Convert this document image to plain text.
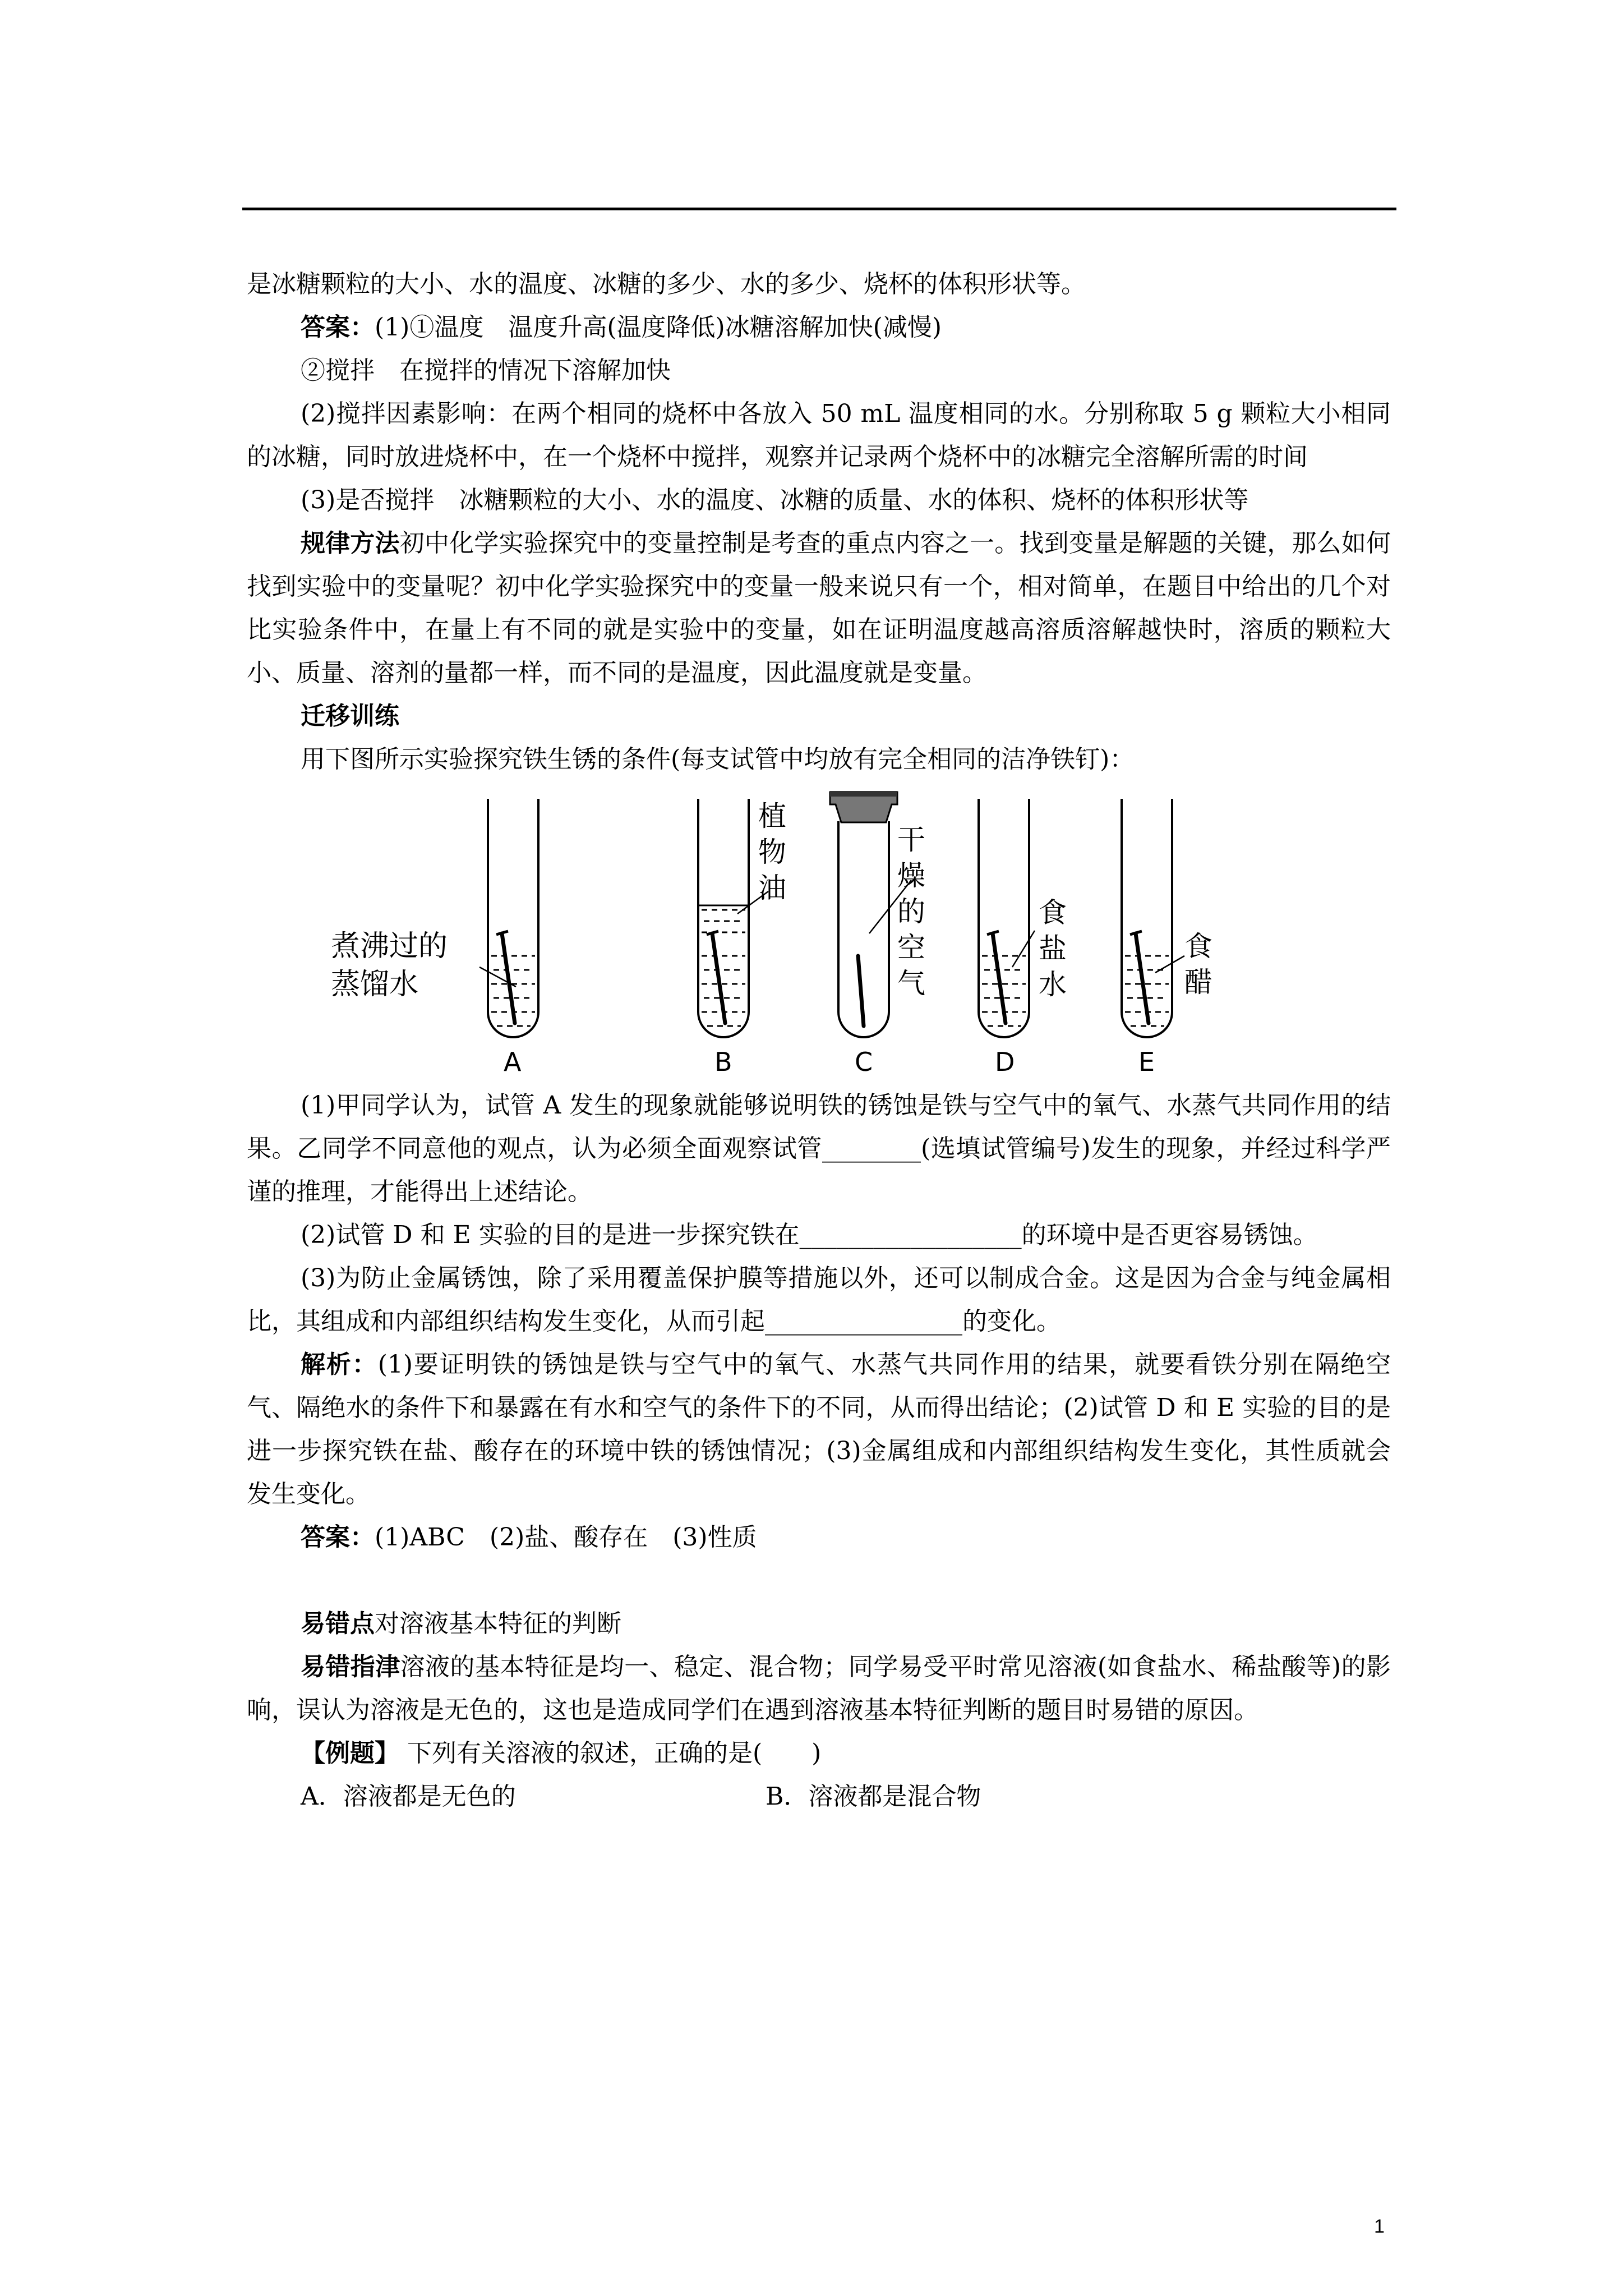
是冰糖颗粒的大小、水的温度、冰糖的多少、水的多少、烧杯的体积形状等。

答案：(1)①温度　温度升高(温度降低)冰糖溶解加快(减慢)

②搅拌　在搅拌的情况下溶解加快

(2)搅拌因素影响：在两个相同的烧杯中各放入 50 mL 温度相同的水。分别称取 5 g 颗粒大小相同的冰糖，同时放进烧杯中，在一个烧杯中搅拌，观察并记录两个烧杯中的冰糖完全溶解所需的时间

(3)是否搅拌　冰糖颗粒的大小、水的温度、冰糖的质量、水的体积、烧杯的体积形状等

规律方法初中化学实验探究中的变量控制是考查的重点内容之一。找到变量是解题的关键，那么如何找到实验中的变量呢？初中化学实验探究中的变量一般来说只有一个，相对简单，在题目中给出的几个对比实验条件中，在量上有不同的就是实验中的变量，如在证明温度越高溶质溶解越快时，溶质的颗粒大小、质量、溶剂的量都一样，而不同的是温度，因此温度就是变量。

迁移训练

用下图所示实验探究铁生锈的条件(每支试管中均放有完全相同的洁净铁钉)：

煮沸过的
蒸馏水
植
物
油
干
燥
的
空
气
食
盐
水
食
醋
A	B	C	D	E

(1)甲同学认为，试管 A 发生的现象就能够说明铁的锈蚀是铁与空气中的氧气、水蒸气共同作用的结果。乙同学不同意他的观点，认为必须全面观察试管________(选填试管编号)发生的现象，并经过科学严谨的推理，才能得出上述结论。

(2)试管 D 和 E 实验的目的是进一步探究铁在__________________的环境中是否更容易锈蚀。

(3)为防止金属锈蚀，除了采用覆盖保护膜等措施以外，还可以制成合金。这是因为合金与纯金属相比，其组成和内部组织结构发生变化，从而引起________________的变化。

解析：(1)要证明铁的锈蚀是铁与空气中的氧气、水蒸气共同作用的结果，就要看铁分别在隔绝空气、隔绝水的条件下和暴露在有水和空气的条件下的不同，从而得出结论；(2)试管 D 和 E 实验的目的是进一步探究铁在盐、酸存在的环境中铁的锈蚀情况；(3)金属组成和内部组织结构发生变化，其性质就会发生变化。

答案：(1)ABC　(2)盐、酸存在　(3)性质

易错点对溶液基本特征的判断

易错指津溶液的基本特征是均一、稳定、混合物；同学易受平时常见溶液(如食盐水、稀盐酸等)的影响，误认为溶液是无色的，这也是造成同学们在遇到溶液基本特征判断的题目时易错的原因。

【例题】 下列有关溶液的叙述，正确的是(　　)

A．溶液都是无色的	B．溶液都是混合物
1
